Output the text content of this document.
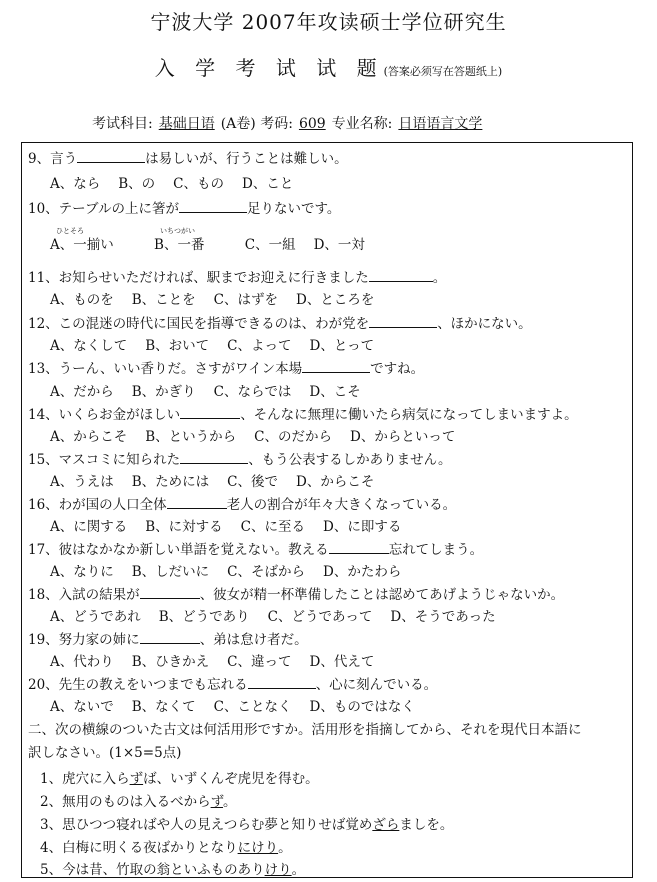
宁波大学 2007年攻读硕士学位研究生
入 学 考 试 试 题(答案必须写在答题纸上)
考试科目: 基础日语 (A卷) 考码: 609 专业名称: 日语语言文学
9、言う	は易しいが、行うことは難しい。
A、なら B、の C、もの D、こと
10、テーブルの上に箸が	足りないです。
ひとそろ
A、一揃い
いちつがい
B、一番	C、一組 D、一対
11、お知らせいただければ、駅までお迎えに行きました	。
A、ものを B、ことを C、はずを D、ところを
12、この混迷の時代に国民を指導できるのは、わが党を	、ほかにない。
A、なくして B、おいて C、よって D、とって
13、うーん、いい香りだ。さすがワイン本場	ですね。
A、だから B、かぎり C、ならでは D、こそ
14、いくらお金がほしい	、そんなに無理に働いたら病気になってしまいますよ。
A、からこそ B、というから C、のだから D、からといって
15、マスコミに知られた	、もう公表するしかありません。
A、うえは B、ためには C、後で D、からこそ
16、わが国の人口全体	老人の割合が年々大きくなっている。
A、に関する B、に対する C、に至る D、に即する
17、彼はなかなか新しい単語を覚えない。教える	忘れてしまう。
A、なりに B、しだいに C、そばから D、かたわら
18、入試の結果が	、彼女が精一杯準備したことは認めてあげようじゃないか。
A、どうであれ B、どうであり C、どうであって D、そうであった
19、努力家の姉に	、弟は怠け者だ。
A、代わり B、ひきかえ C、違って D、代えて
20、先生の教えをいつまでも忘れる	、心に刻んでいる。
A、ないで B、なくて C、ことなく D、ものではなく
二、次の横線のついた古文は何活用形ですか。活用形を指摘してから、それを現代日本語に
訳しなさい。(1×5=5点)
1、虎穴に入らずば、いずくんぞ虎児を得む。
2、無用のものは入るべからず。
3、思ひつつ寝ればや人の見えつらむ夢と知りせば覚めざらましを。
4、白梅に明くる夜ばかりとなりにけり。
5、今は昔、竹取の翁といふものありけり。
